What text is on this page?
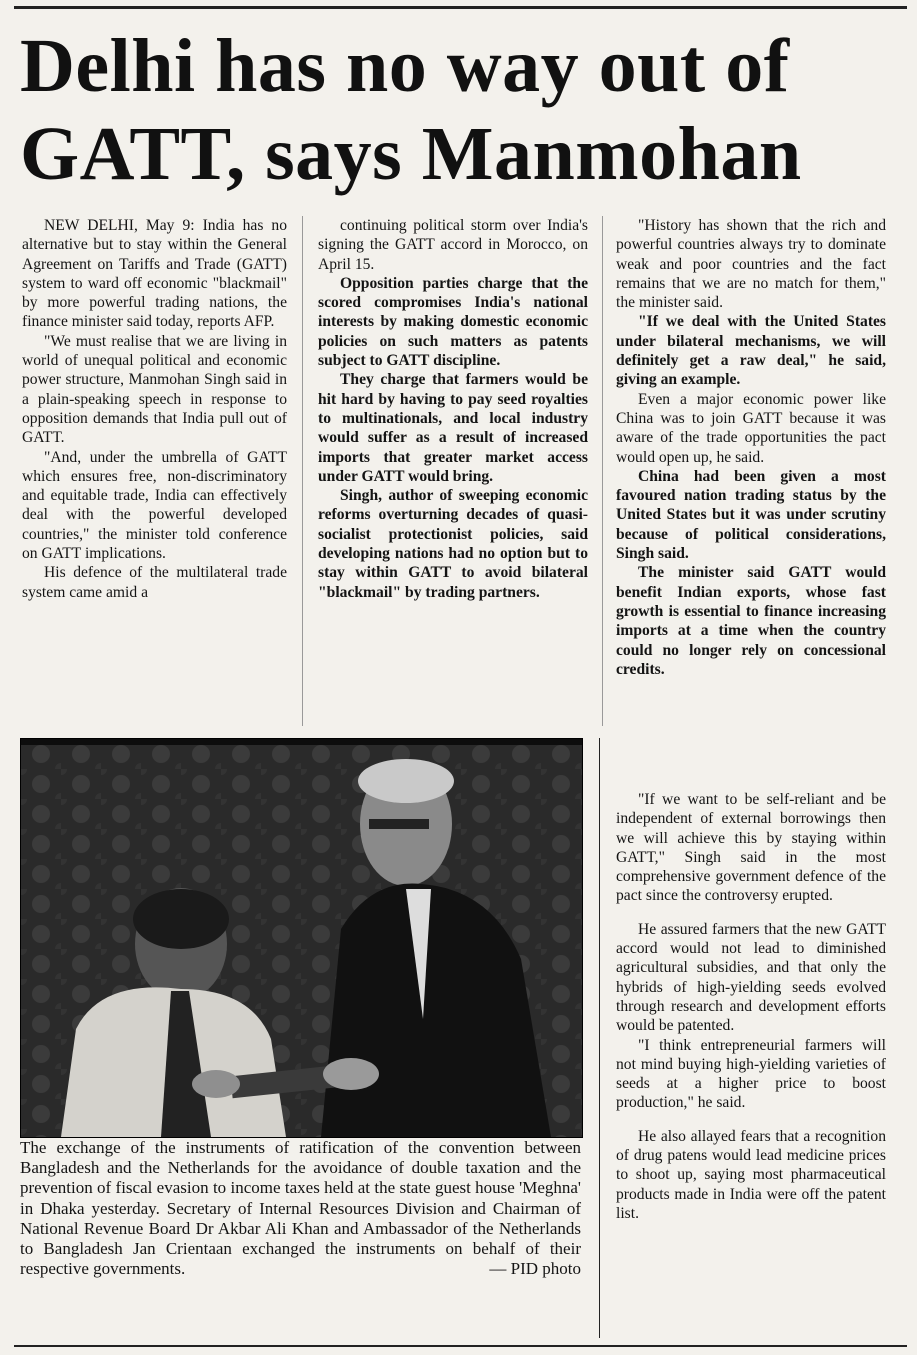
Delhi has no way out of GATT, says Manmohan

NEW DELHI, May 9: India has no alternative but to stay within the General Agreement on Tariffs and Trade (GATT) system to ward off economic "blackmail" by more powerful trading nations, the finance minister said today, reports AFP.

"We must realise that we are living in world of unequal political and economic power structure, Manmohan Singh said in a plain-speaking speech in response to opposition demands that India pull out of GATT.

"And, under the umbrella of GATT which ensures free, non-discriminatory and equitable trade, India can effectively deal with the powerful developed countries," the minister told conference on GATT implications.

His defence of the multilateral trade system came amid a

continuing political storm over India's signing the GATT accord in Morocco, on April 15.

Opposition parties charge that the scored compromises India's national interests by making domestic economic policies on such matters as patents subject to GATT discipline.

They charge that farmers would be hit hard by having to pay seed royalties to multinationals, and local industry would suffer as a result of increased imports that greater market access under GATT would bring.

Singh, author of sweeping economic reforms overturning decades of quasi-socialist protectionist policies, said developing nations had no option but to stay within GATT to avoid bilateral "blackmail" by trading partners.

"History has shown that the rich and powerful countries always try to dominate weak and poor countries and the fact remains that we are no match for them," the minister said.

"If we deal with the United States under bilateral mechanisms, we will definitely get a raw deal," he said, giving an example.

Even a major economic power like China was to join GATT because it was aware of the trade opportunities the pact would open up, he said.

China had been given a most favoured nation trading status by the United States but it was under scrutiny because of political considerations, Singh said.

The minister said GATT would benefit Indian exports, whose fast growth is essential to finance increasing imports at a time when the country could no longer rely on concessional credits.

"If we want to be self-reliant and be independent of external borrowings then we will achieve this by staying within GATT," Singh said in the most comprehensive government defence of the pact since the controversy erupted.

He assured farmers that the new GATT accord would not lead to diminished agricultural subsidies, and that only the hybrids of high-yielding seeds evolved through research and development efforts would be patented.

"I think entrepreneurial farmers will not mind buying high-yielding varieties of seeds at a higher price to boost production," he said.

He also allayed fears that a recognition of drug patens would lead medicine prices to shoot up, saying most pharmaceutical products made in India were off the patent list.

The exchange of the instruments of ratification of the convention between Bangladesh and the Netherlands for the avoidance of double taxation and the prevention of fiscal evasion to income taxes held at the state guest house 'Meghna' in Dhaka yesterday. Secretary of Internal Resources Division and Chairman of National Revenue Board Dr Akbar Ali Khan and Ambassador of the Netherlands to Bangladesh Jan Crientaan exchanged the instruments on behalf of their respective governments.	— PID photo
